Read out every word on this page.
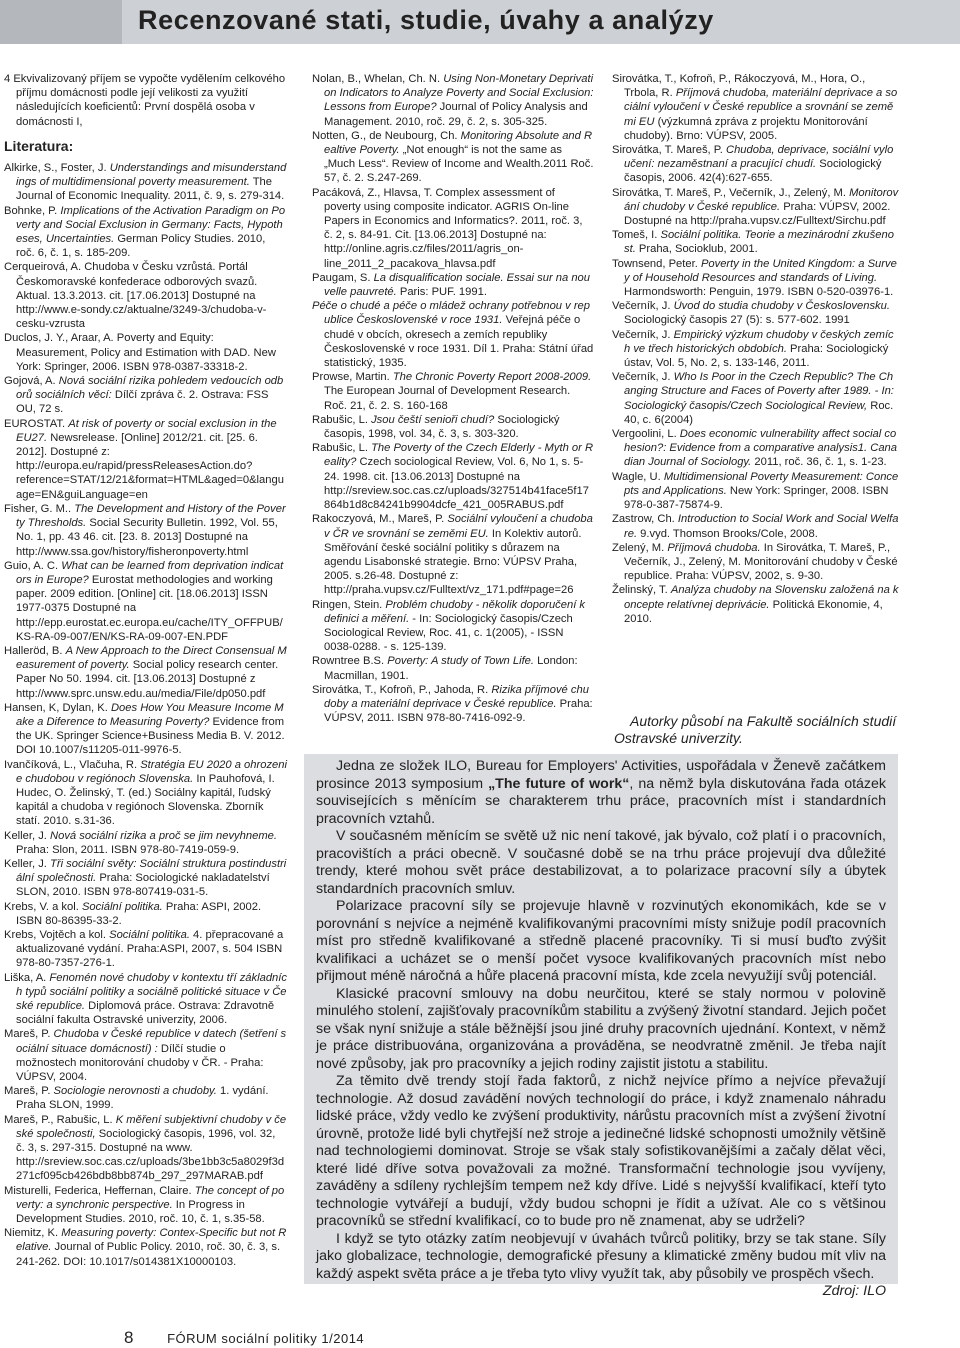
Recenzované stati, studie, úvahy a analýzy

4 Ekvivalizovaný příjem se vypočte vydělením celkového příjmu domácnosti podle její velikosti za využití následujících koeficientů: První dospělá osoba v domácnosti I,

Literatura:

Alkirke, S., Foster, J. Understandings and misunderstandings of multidimensional poverty measurement. The Journal of Economic Inequality. 2011, č. 9, s. 279-314.

Bohnke, P. Implications of the Activation Paradigm on Poverty and Social Exclusion in Germany: Facts, Hypotheses, Uncertainties. German Policy Studies. 2010, roč. 6, č. 1, s. 185-209.

Cerqueirová, A. Chudoba v Česku vzrůstá. Portál Českomoravské konfederace odborových svazů. Aktual. 13.3.2013. cit. [17.06.2013] Dostupné na http://www.e-sondy.cz/aktualne/3249-3/chudoba-v-cesku-vzrusta

Duclos, J. Y., Araar, A. Poverty and Equity: Measurement, Policy and Estimation with DAD. New York: Springer, 2006. ISBN 978-0387-33318-2.

Gojová, A. Nová sociální rizika pohledem vedoucích odborů sociálních věcí: Dílčí zpráva č. 2. Ostrava: FSS OU, 72 s.

EUROSTAT. At risk of poverty or social exclusion in the EU27. Newsrelease. [Online] 2012/21. cit. [25. 6. 2012]. Dostupné z: http://europa.eu/rapid/pressReleasesAction.do?reference=STAT/12/21&format=HTML&aged=0&language=EN&guiLanguage=en

Fisher, G. M.. The Development and History of the Poverty Thresholds. Social Security Bulletin. 1992, Vol. 55, No. 1, pp. 43 46. cit. [23. 8. 2013] Dostupné na http://www.ssa.gov/history/fisheronpoverty.html

Guio, A. C. What can be learned from deprivation indicators in Europe? Eurostat methodologies and working paper. 2009 edition. [Online] cit. [18.06.2013] ISSN 1977-0375 Dostupné na http://epp.eurostat.ec.europa.eu/cache/ITY_OFFPUB/KS-RA-09-007/EN/KS-RA-09-007-EN.PDF

Halleröd, B. A New Approach to the Direct Consensual Measurement of poverty. Social policy research center. Paper No 50. 1994. cit. [13.06.2013] Dostupné z http://www.sprc.unsw.edu.au/media/File/dp050.pdf

Hansen, K, Dylan, K. Does How You Measure Income Make a Diference to Measuring Poverty? Evidence from the UK. Springer Science+Business Media B. V. 2012. DOI 10.1007/s11205-011-9976-5.

Ivančíková, L., Vlačuha, R. Stratégia EU 2020 a ohrozenie chudobou v regiónoch Slovenska. In Pauhofová, I. Hudec, O. Želinský, T. (ed.) Sociálny kapitál, ľudský kapitál a chudoba v regiónoch Slovenska. Zborník statí. 2010. s.31-36.

Keller, J. Nová sociální rizika a proč se jim nevyhneme. Praha: Slon, 2011. ISBN 978-80-7419-059-9.

Keller, J. Tři sociální světy: Sociální struktura postindustriální společnosti. Praha: Sociologické nakladatelství SLON, 2010. ISBN 978-807419-031-5.

Krebs, V. a kol. Sociální politika. Praha: ASPI, 2002. ISBN 80-86395-33-2.

Krebs, Vojtěch a kol. Sociální politika. 4. přepracované a aktualizované vydání. Praha:ASPI, 2007, s. 504 ISBN 978-80-7357-276-1.

Liška, A. Fenomén nové chudoby v kontextu tří základních typů sociální politiky a sociálně politické situace v České republice. Diplomová práce. Ostrava: Zdravotně sociální fakulta Ostravské univerzity, 2006.

Mareš, P. Chudoba v České republice v datech (šetření sociální situace domácností) : Dílčí studie o možnostech monitorování chudoby v ČR. - Praha: VÚPSV, 2004.

Mareš, P. Sociologie nerovnosti a chudoby. 1. vydání. Praha SLON, 1999.

Mareš, P., Rabušic, L. K měření subjektivní chudoby v české společnosti, Sociologický časopis, 1996, vol. 32, č. 3, s. 297-315. Dostupné na www. http://sreview.soc.cas.cz/uploads/3be1bb3c5a8029f3d271cf095cb426bdb8bb874b_297_297MARAB.pdf

Misturelli, Federica, Heffernan, Claire. The concept of poverty: a synchronic perspective. In Progress in Development Studies. 2010, roč. 10, č. 1, s.35-58.

Niemitz, K. Measuring poverty: Contex-Specific but not Relative. Journal of Public Policy. 2010, roč. 30, č. 3, s. 241-262. DOI: 10.1017/s014381X10000103.

Nolan, B., Whelan, Ch. N. Using Non-Monetary Deprivation Indicators to Analyze Poverty and Social Exclusion: Lessons from Europe? Journal of Policy Analysis and Management. 2010, roč. 29, č. 2, s. 305-325.

Notten, G., de Neubourg, Ch. Monitoring Absolute and Realtive Poverty. „Not enough“ is not the same as „Much Less“. Review of Income and Wealth.2011 Roč. 57, č. 2. S.247-269.

Pacáková, Z., Hlavsa, T. Complex assessment of poverty using composite indicator. AGRIS On-line Papers in Economics and Informatics?. 2011, roč. 3, č. 2, s. 84-91. Cit. [13.06.2013] Dostupné na: http://online.agris.cz/files/2011/agris_on-line_2011_2_pacakova_hlavsa.pdf

Paugam, S. La disqualification sociale. Essai sur na nouvelle pauvreté. Paris: PUF. 1991.

Péče o chudé a péče o mládež ochrany potřebnou v republice Československé v roce 1931. Veřejná péče o chudé v obcích, okresech a zemích republiky Československé v roce 1931. Díl 1. Praha: Státní úřad statistický, 1935.

Prowse, Martin. The Chronic Poverty Report 2008-2009. The European Journal of Development Research. Roč. 21, č. 2. S. 160-168

Rabušic, L. Jsou čeští senioři chudí? Sociologický časopis, 1998, vol. 34, č. 3, s. 303-320.

Rabušic, L. The Poverty of the Czech Elderly - Myth or Reality? Czech sociological Review, Vol. 6, No 1, s. 5-24. 1998. cit. [13.06.2013] Dostupné na http://sreview.soc.cas.cz/uploads/327514b41face5f17864b1d8c84241b9904dcfe_421_005RABUS.pdf

Rakoczyová, M., Mareš, P. Sociální vyloučení a chudoba v ČR ve srovnání se zeměmi EU. In Kolektiv autorů. Směřování české sociální politiky s důrazem na agendu Lisabonské strategie. Brno: VÚPSV Praha, 2005. s.26-48. Dostupné z: http://praha.vupsv.cz/Fulltext/vz_171.pdf#page=26

Ringen, Stein. Problém chudoby - několik doporučení k definici a měření. - In: Sociologický časopis/Czech Sociological Review, Roc. 41, c. 1(2005), - ISSN 0038-0288. - s. 125-139.

Rowntree B.S. Poverty: A study of Town Life. London: Macmillan, 1901.

Sirovátka, T., Kofroň, P., Jahoda, R. Rizika příjmové chudoby a materiální deprivace v České republice. Praha: VÚPSV, 2011. ISBN 978-80-7416-092-9.

Sirovátka, T., Kofroň, P., Rákoczyová, M., Hora, O., Trbola, R. Příjmová chudoba, materiální deprivace a sociální vyloučení v České republice a srovnání se zeměmi EU (výzkumná zpráva z projektu Monitorování chudoby). Brno: VÚPSV, 2005.

Sirovátka, T. Mareš, P. Chudoba, deprivace, sociální vyloučení: nezaměstnaní a pracující chudí. Sociologický časopis, 2006. 42(4):627-655.

Sirovátka, T. Mareš, P., Večerník, J., Zelený, M. Monitorování chudoby v České republice. Praha: VÚPSV, 2002. Dostupné na http://praha.vupsv.cz/Fulltext/Sirchu.pdf

Tomeš, I. Sociální politika. Teorie a mezinárodní zkušenost. Praha, Socioklub, 2001.

Townsend, Peter. Poverty in the United Kingdom: a Survey of Household Resources and standards of Living. Harmondsworth: Penguin, 1979. ISBN 0-520-03976-1.

Večerník, J. Úvod do studia chudoby v Československu. Sociologický časopis 27 (5): s. 577-602. 1991

Večerník, J. Empirický výzkum chudoby v českých zemích ve třech historických obdobích. Praha: Sociologický ústav, Vol. 5, No. 2, s. 133-146, 2011.

Večerník, J. Who Is Poor in the Czech Republic? The Changing Structure and Faces of Poverty after 1989. - In: Sociologický časopis/Czech Sociological Review, Roc. 40, c. 6(2004)

Vergoolini, L. Does economic vulnerability affect social cohesion?: Evidence from a comparative analysis1. Canadian Journal of Sociology. 2011, roč. 36, č. 1, s. 1-23.

Wagle, U. Multidimensional Poverty Measurement: Concepts and Applications. New York: Springer, 2008. ISBN 978-0-387-75874-9.

Zastrow, Ch. Introduction to Social Work and Social Welfare. 9.vyd. Thomson Brooks/Cole, 2008.

Zelený, M. Příjmová chudoba. In Sirovátka, T. Mareš, P., Večerník, J., Zelený, M. Monitorování chudoby v České republice. Praha: VÚPSV, 2002, s. 9-30.

Želinský, T. Analýza chudoby na Slovensku založená na koncepte relatívnej deprivácie. Politická Ekonomie, 4, 2010.

Autorky působí na Fakultě sociálních studií Ostravské univerzity.

Jedna ze složek ILO, Bureau for Employers' Activities, uspořádala v Ženevě začátkem prosince 2013 symposium „The future of work“, na němž byla diskutována řada otázek souvisejících s měnícím se charakterem trhu práce, pracovních míst i standardních pracovních vztahů.

V současném měnícím se světě už nic není takové, jak bývalo, což platí i o pracovních, pracovištích a práci obecně. V současné době se na trhu práce projevují dva důležité trendy, které mohou svět práce destabilizovat, a to polarizace pracovní síly a úbytek standardních pracovních smluv.

Polarizace pracovní síly se projevuje hlavně v rozvinutých ekonomikách, kde se v porovnání s nejvíce a nejméně kvalifikovanými pracovními místy snižuje podíl pracovních míst pro středně kvalifikované a středně placené pracovníky. Ti si musí buďto zvýšit kvalifikaci a ucházet se o menší počet vysoce kvalifikovaných pracovních míst nebo přijmout méně náročná a hůře placená pracovní místa, kde zcela nevyužijí svůj potenciál.

Klasické pracovní smlouvy na dobu neurčitou, které se staly normou v polovině minulého stolení, zajišťovaly pracovníkům stabilitu a zvýšený životní standard. Jejich počet se však nyní snižuje a stále běžnější jsou jiné druhy pracovních ujednání. Kontext, v němž je práce distribuována, organizována a prováděna, se neodvratně změnil. Je třeba najít nové způsoby, jak pro pracovníky a jejich rodiny zajistit jistotu a stabilitu.

Za těmito dvě trendy stojí řada faktorů, z nichž nejvíce přímo a nejvíce převažují technologie. Až dosud zavádění nových technologií do práce, i když znamenalo náhradu lidské práce, vždy vedlo ke zvýšení produktivity, nárůstu pracovních míst a zvýšení životní úrovně, protože lidé byli chytřejší než stroje a jedinečné lidské schopnosti umožnily většině nad technologiemi dominovat. Stroje se však staly sofistikovanějšími a začaly dělat věci, které lidé dříve sotva považovali za možné. Transformační technologie jsou vyvíjeny, zaváděny a sdíleny rychlejším tempem než kdy dříve. Lidé s nejvyšší kvalifikací, kteří tyto technologie vytvářejí a budují, vždy budou schopni je řídit a užívat. Ale co s většinou pracovníků se střední kvalifikací, co to bude pro ně znamenat, aby se udrželi?

I když se tyto otázky zatím neobjevují v úvahách tvůrců politiky, brzy se tak stane. Síly jako globalizace, technologie, demografické přesuny a klimatické změny budou mít vliv na každý aspekt světa práce a je třeba tyto vlivy využít tak, aby působily ve prospěch všech.

Zdroj: ILO

8	FÓRUM sociální politiky 1/2014
